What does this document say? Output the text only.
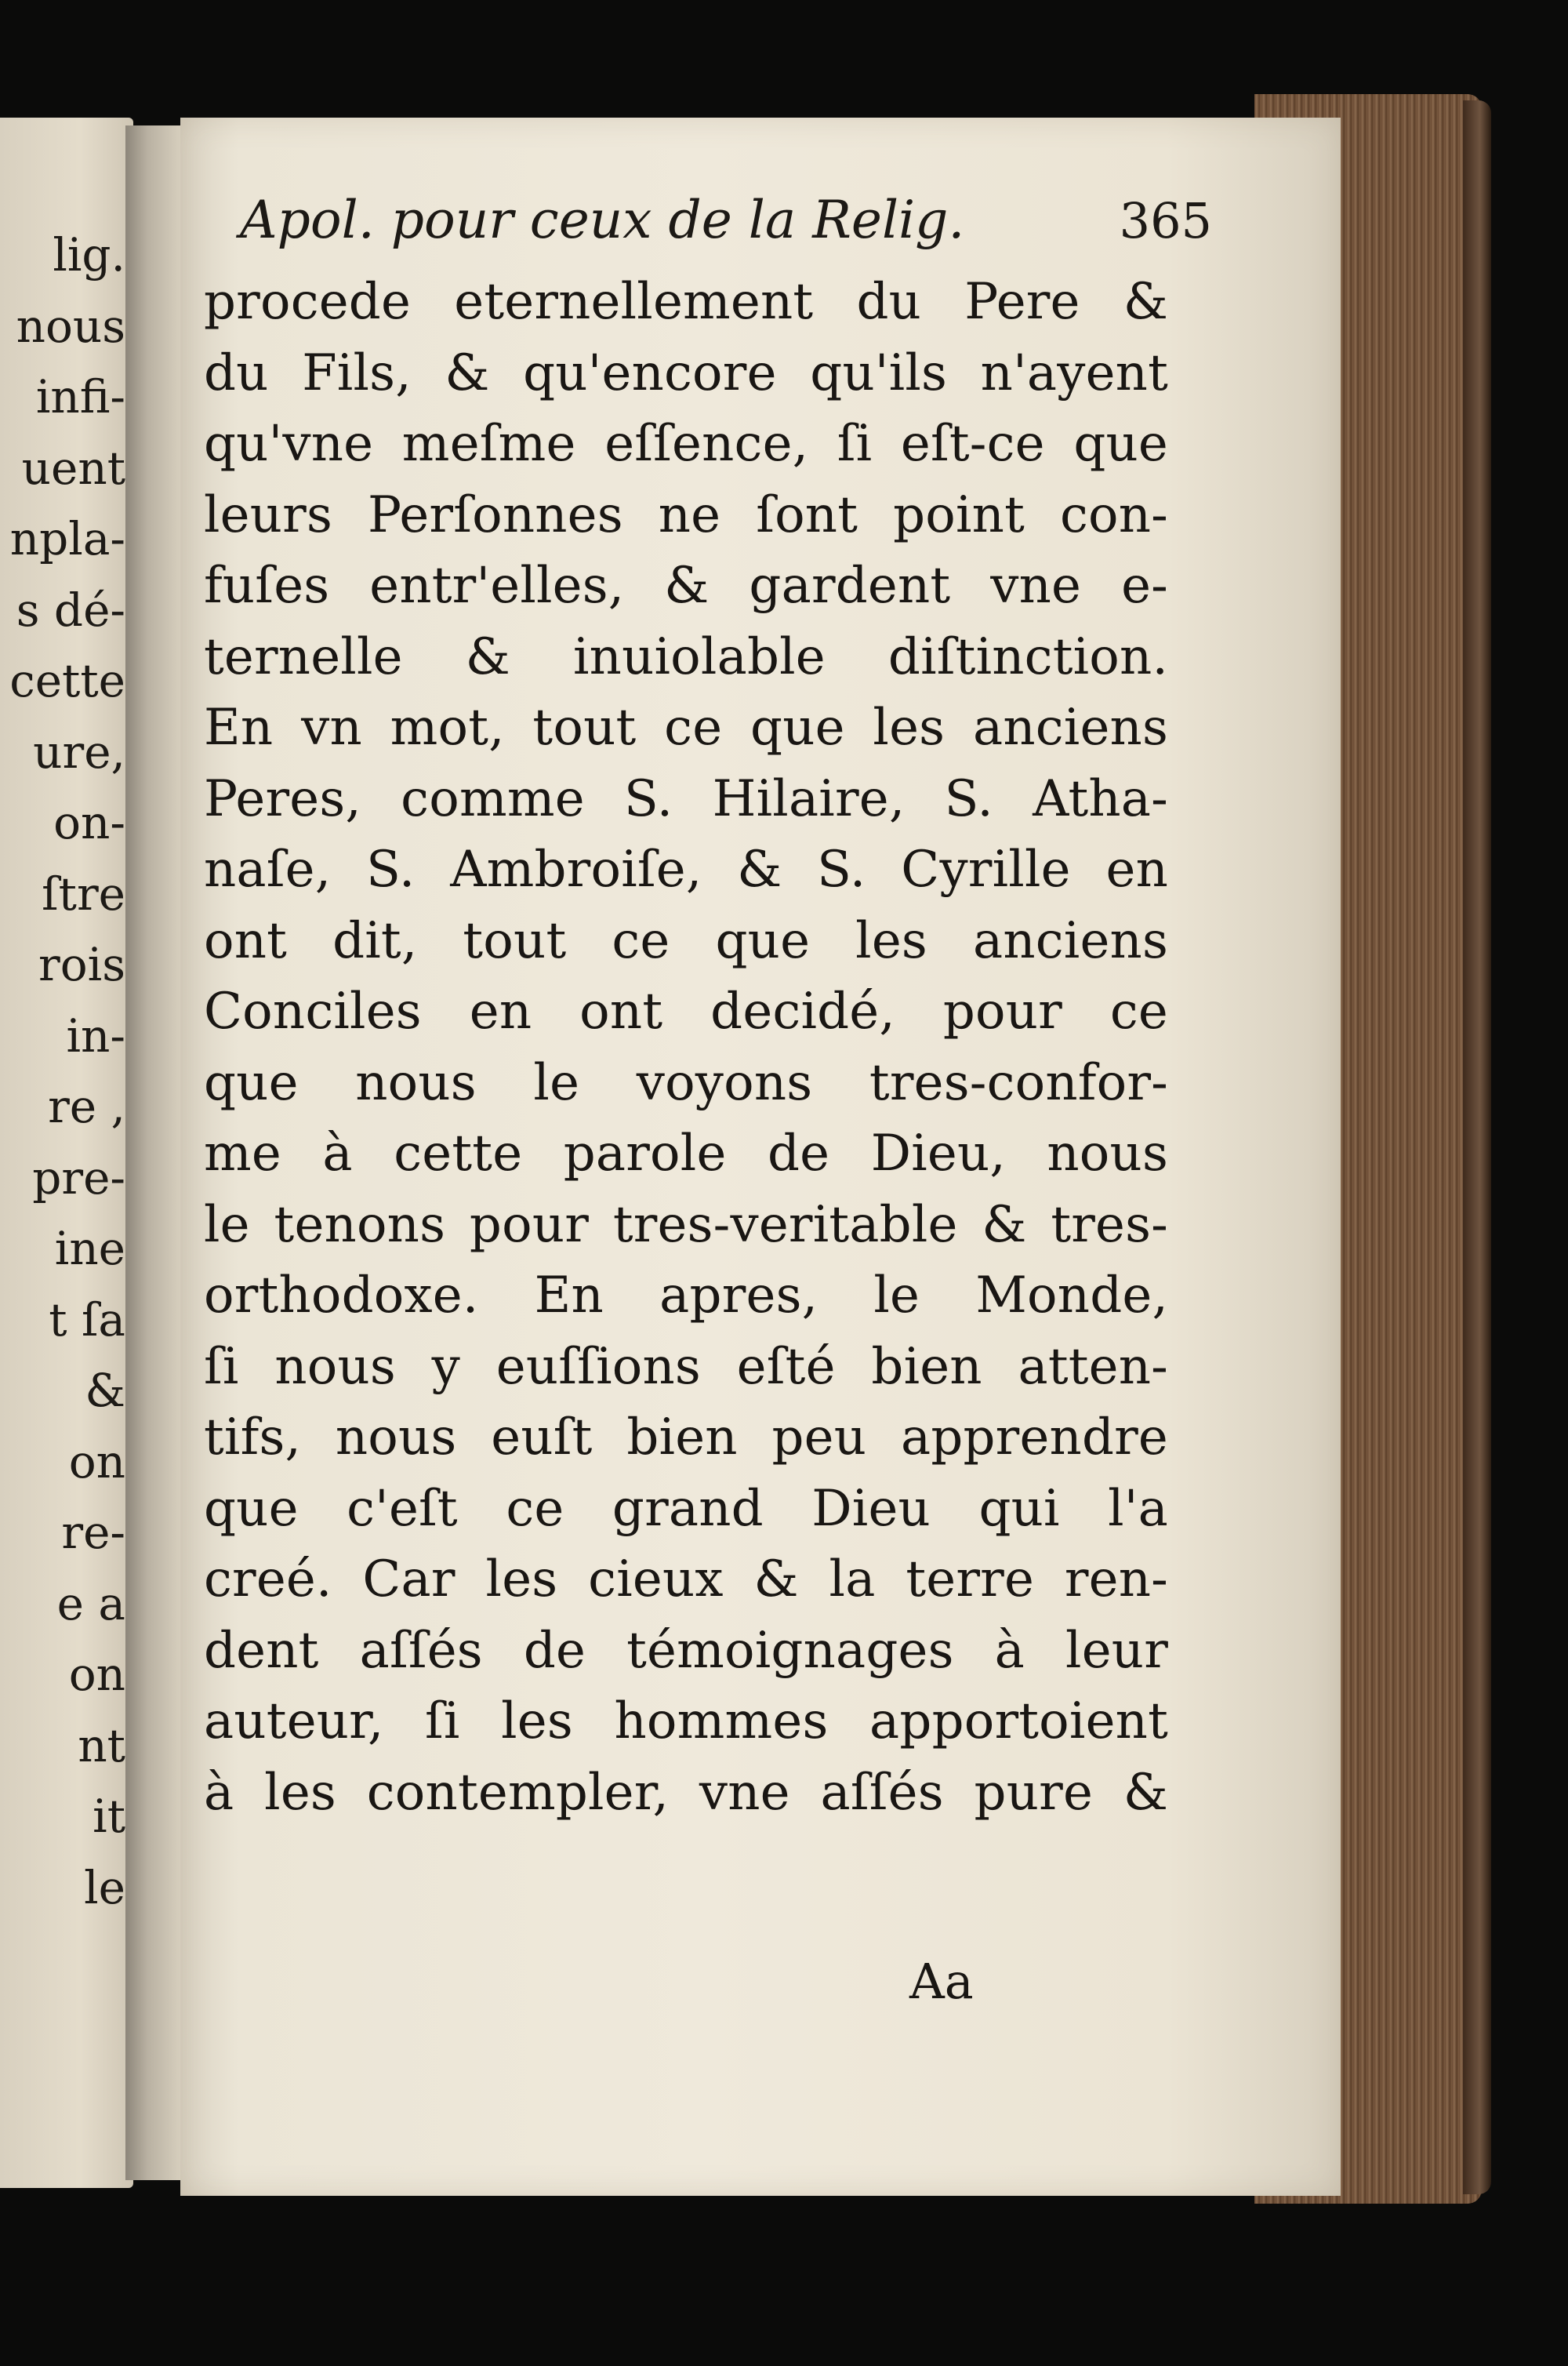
lig.
nous
infi-
uent
npla-
s dé-
cette
ure,
on-
ſtre
rois
in-
re ,
pre-
ine
t ſa
&
on
re-
e a
on
nt
it
le
Apol. pour ceux de la Relig.	365
procede eternellement du Pere &
du Fils, & qu'encore qu'ils n'ayent
qu'vne meſme eſſence, ſi eſt-ce que
leurs Perſonnes ne ſont point con-
fuſes entr'elles, & gardent vne e-
ternelle & inuiolable diſtinction.
En vn mot, tout ce que les anciens
Peres, comme S. Hilaire, S. Atha-
naſe, S. Ambroiſe, & S. Cyrille en
ont dit, tout ce que les anciens
Conciles en ont decidé, pour ce
que nous le voyons tres-confor-
me à cette parole de Dieu, nous
le tenons pour tres-veritable & tres-
orthodoxe. En apres, le Monde,
ſi nous y euſſions eſté bien atten-
tifs, nous euſt bien peu apprendre
que c'eſt ce grand Dieu qui l'a
creé. Car les cieux & la terre ren-
dent aſſés de témoignages à leur
auteur, ſi les hommes apportoient
à les contempler, vne aſſés pure &
Aa
